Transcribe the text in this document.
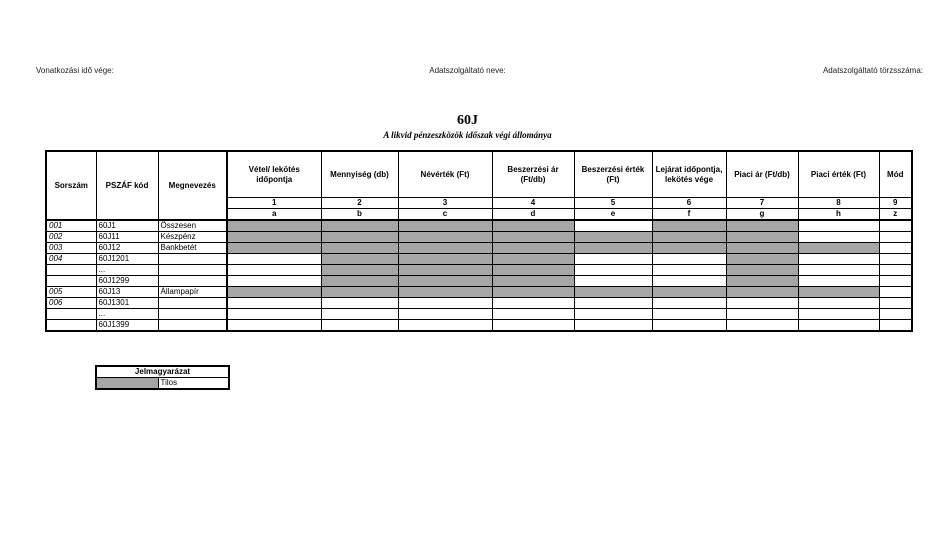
Vonatkozási idő vége:	Adatszolgáltató neve:	Adatszolgáltató törzsszáma:
60J
A likvid pénzeszközök időszak végi állománya
Sorszám	PSZÁF kód	Megnevezés	Vétel/ lekötés időpontja	Mennyiség (db)	Névérték (Ft)	Beszerzési ár (Ft/db)	Beszerzési érték (Ft)	Lejárat időpontja, lekötés vége	Piaci ár (Ft/db)	Piaci érték (Ft)	Mód
			1	2	3	4	5	6	7	8	9
			a	b	c	d	e	f	g	h	z
001	60J1	Összesen									
002	60J11	Készpénz									
003	60J12	Bankbetét									
004	60J1201										
	...										
	60J1299										
005	60J13	Állampapír									
006	60J1301										
	...										
	60J1399										
Jelmagyarázat
	Tilos
